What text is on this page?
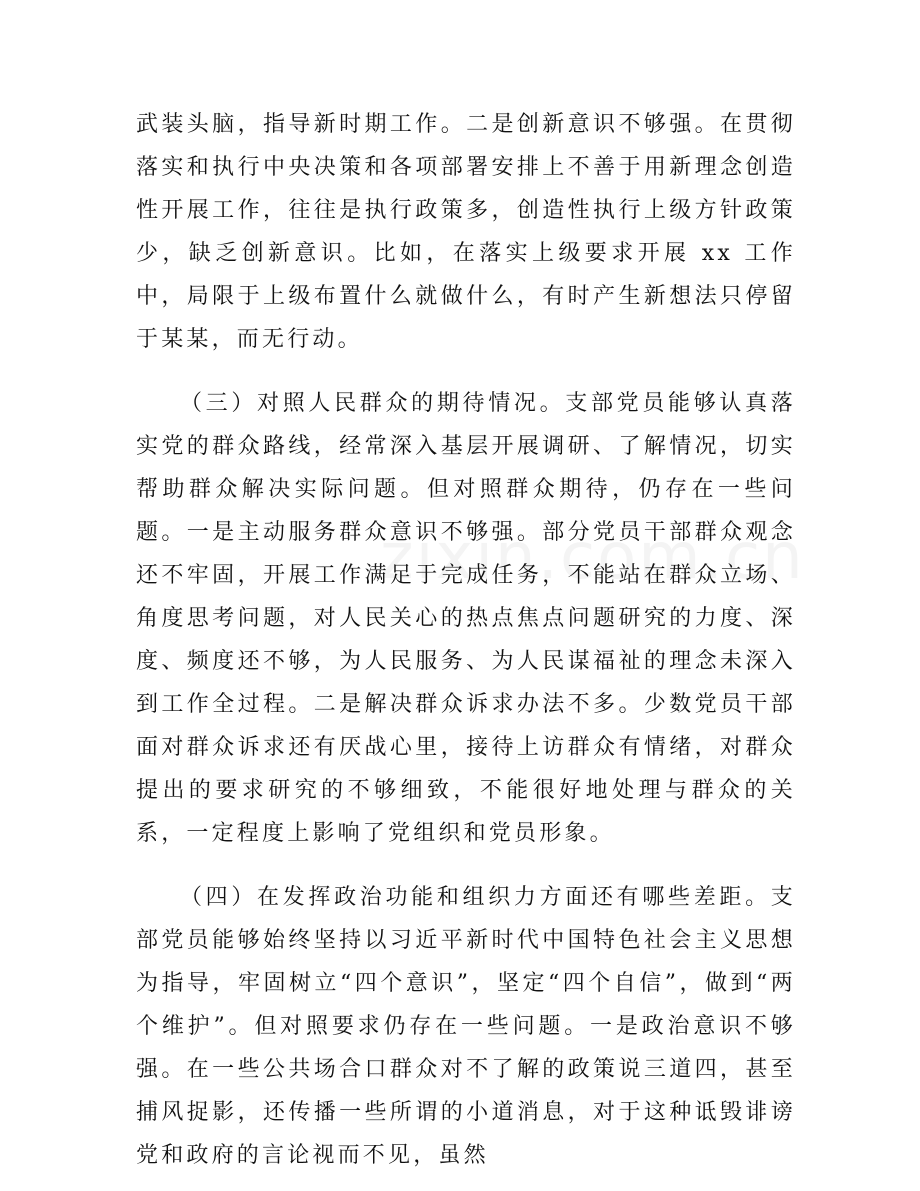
武装头脑，指导新时期工作。二是创新意识不够强。在贯彻落实和执行中央决策和各项部署安排上不善于用新理念创造性开展工作，往往是执行政策多，创造性执行上级方针政策少，缺乏创新意识。比如，在落实上级要求开展 xx 工作中，局限于上级布置什么就做什么，有时产生新想法只停留于某某，而无行动。

（三）对照人民群众的期待情况。支部党员能够认真落实党的群众路线，经常深入基层开展调研、了解情况，切实帮助群众解决实际问题。但对照群众期待，仍存在一些问题。一是主动服务群众意识不够强。部分党员干部群众观念还不牢固，开展工作满足于完成任务，不能站在群众立场、角度思考问题，对人民关心的热点焦点问题研究的力度、深度、频度还不够，为人民服务、为人民谋福祉的理念未深入到工作全过程。二是解决群众诉求办法不多。少数党员干部面对群众诉求还有厌战心里，接待上访群众有情绪，对群众提出的要求研究的不够细致，不能很好地处理与群众的关系，一定程度上影响了党组织和党员形象。

（四）在发挥政治功能和组织力方面还有哪些差距。支部党员能够始终坚持以习近平新时代中国特色社会主义思想为指导，牢固树立“四个意识”，坚定“四个自信”，做到“两个维护”。但对照要求仍存在一些问题。一是政治意识不够强。在一些公共场合口群众对不了解的政策说三道四，甚至捕风捉影，还传播一些所谓的小道消息，对于这种诋毁诽谤党和政府的言论视而不见，虽然
